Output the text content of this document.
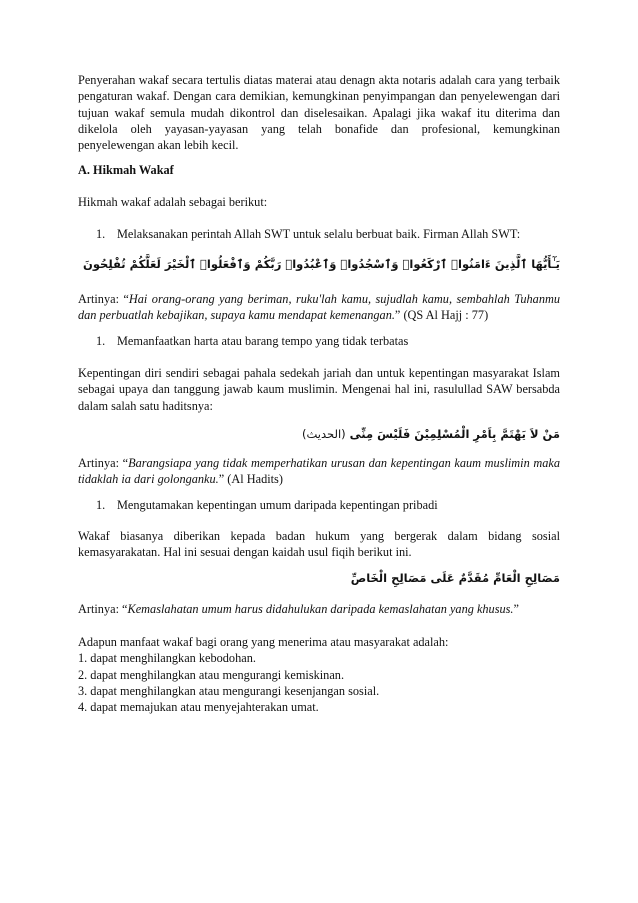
Penyerahan wakaf secara tertulis diatas materai atau denagn akta notaris adalah cara yang terbaik pengaturan wakaf. Dengan cara demikian, kemungkinan penyimpangan dan penyelewengan dari tujuan wakaf semula mudah dikontrol dan diselesaikan. Apalagi jika wakaf itu diterima dan dikelola oleh yayasan-yayasan yang telah bonafide dan profesional, kemungkinan penyelewengan akan lebih kecil.

A. Hikmah Wakaf

Hikmah wakaf adalah sebagai berikut:

1. Melaksanakan perintah Allah SWT untuk selalu berbuat baik. Firman Allah SWT:
يَـٰٓأَيُّهَا ٱلَّذِينَ ءَامَنُوا۟ ٱرْكَعُوا۟ وَٱسْجُدُوا۟ وَٱعْبُدُوا۟ رَبَّكُمْ وَٱفْعَلُوا۟ ٱلْخَيْرَ لَعَلَّكُمْ تُفْلِحُونَ

Artinya: “Hai orang-orang yang beriman, ruku'lah kamu, sujudlah kamu, sembahlah Tuhanmu dan perbuatlah kebajikan, supaya kamu mendapat kemenangan.” (QS Al Hajj : 77)

1. Memanfaatkan harta atau barang tempo yang tidak terbatas

Kepentingan diri sendiri sebagai pahala sedekah jariah dan untuk kepentingan masyarakat Islam sebagai upaya dan tanggung jawab kaum muslimin. Mengenai hal ini, rasulullad SAW bersabda dalam salah satu haditsnya:

مَنْ لاَ يَهْتَمَّ بِاَمْرِ الْمُسْلِمِيْنَ فَلَيْسَ مِنِّى (الحديث)

Artinya: “Barangsiapa yang tidak memperhatikan urusan dan kepentingan kaum muslimin maka tidaklah ia dari golonganku.” (Al Hadits)

1. Mengutamakan kepentingan umum daripada kepentingan pribadi

Wakaf biasanya diberikan kepada badan hukum yang bergerak dalam bidang sosial kemasyarakatan. Hal ini sesuai dengan kaidah usul fiqih berikut ini.

مَصَالِحِ الْعَامِّ مُقَدَّمٌ عَلَى مَصَالِحِ الْخَاصِّ

Artinya: “Kemaslahatan umum harus didahulukan daripada kemaslahatan yang khusus.”

Adapun manfaat wakaf bagi orang yang menerima atau masyarakat adalah:
1. dapat menghilangkan kebodohan.
2. dapat menghilangkan atau mengurangi kemiskinan.
3. dapat menghilangkan atau mengurangi kesenjangan sosial.
4. dapat memajukan atau menyejahterakan umat.
